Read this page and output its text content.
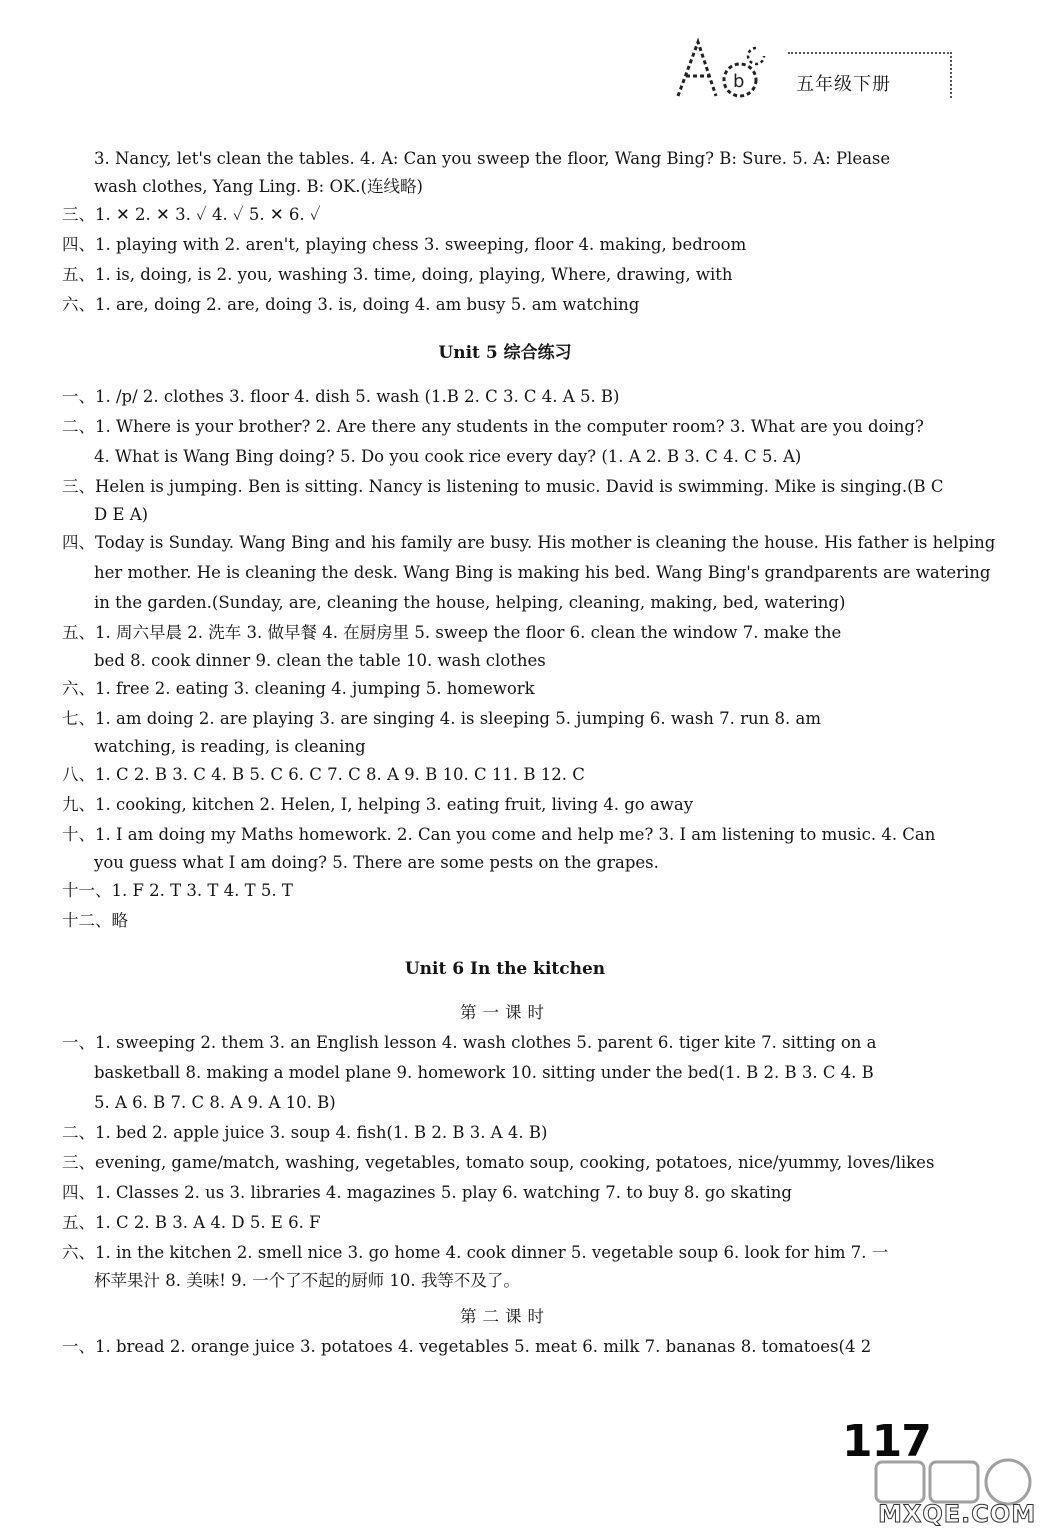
b	五年级下册
3. Nancy, let's clean the tables. 4. A: Can you sweep the floor, Wang Bing? B: Sure. 5. A: Please
wash clothes, Yang Ling. B: OK.(连线略)
三、1. ✕ 2. ✕ 3. ✓ 4. ✓ 5. ✕ 6. ✓
四、1. playing with 2. aren't, playing chess 3. sweeping, floor 4. making, bedroom
五、1. is, doing, is 2. you, washing 3. time, doing, playing, Where, drawing, with
六、1. are, doing 2. are, doing 3. is, doing 4. am busy 5. am watching
Unit 5 综合练习
一、1. /p/ 2. clothes 3. floor 4. dish 5. wash (1.B 2. C 3. C 4. A 5. B)
二、1. Where is your brother? 2. Are there any students in the computer room? 3. What are you doing?
4. What is Wang Bing doing? 5. Do you cook rice every day? (1. A 2. B 3. C 4. C 5. A)
三、Helen is jumping. Ben is sitting. Nancy is listening to music. David is swimming. Mike is singing.(B C
D E A)
四、Today is Sunday. Wang Bing and his family are busy. His mother is cleaning the house. His father is helping
her mother. He is cleaning the desk. Wang Bing is making his bed. Wang Bing's grandparents are watering
in the garden.(Sunday, are, cleaning the house, helping, cleaning, making, bed, watering)
五、1. 周六早晨 2. 洗车 3. 做早餐 4. 在厨房里 5. sweep the floor 6. clean the window 7. make the
bed 8. cook dinner 9. clean the table 10. wash clothes
六、1. free 2. eating 3. cleaning 4. jumping 5. homework
七、1. am doing 2. are playing 3. are singing 4. is sleeping 5. jumping 6. wash 7. run 8. am
watching, is reading, is cleaning
八、1. C 2. B 3. C 4. B 5. C 6. C 7. C 8. A 9. B 10. C 11. B 12. C
九、1. cooking, kitchen 2. Helen, I, helping 3. eating fruit, living 4. go away
十、1. I am doing my Maths homework. 2. Can you come and help me? 3. I am listening to music. 4. Can
you guess what I am doing? 5. There are some pests on the grapes.
十一、1. F 2. T 3. T 4. T 5. T
十二、略
Unit 6 In the kitchen
第一课时
一、1. sweeping 2. them 3. an English lesson 4. wash clothes 5. parent 6. tiger kite 7. sitting on a
basketball 8. making a model plane 9. homework 10. sitting under the bed(1. B 2. B 3. C 4. B
5. A 6. B 7. C 8. A 9. A 10. B)
二、1. bed 2. apple juice 3. soup 4. fish(1. B 2. B 3. A 4. B)
三、evening, game/match, washing, vegetables, tomato soup, cooking, potatoes, nice/yummy, loves/likes
四、1. Classes 2. us 3. libraries 4. magazines 5. play 6. watching 7. to buy 8. go skating
五、1. C 2. B 3. A 4. D 5. E 6. F
六、1. in the kitchen 2. smell nice 3. go home 4. cook dinner 5. vegetable soup 6. look for him 7. 一
杯苹果汁 8. 美味! 9. 一个了不起的厨师 10. 我等不及了。
第二课时
一、1. bread 2. orange juice 3. potatoes 4. vegetables 5. meat 6. milk 7. bananas 8. tomatoes(4 2
117
MXQE.COM
